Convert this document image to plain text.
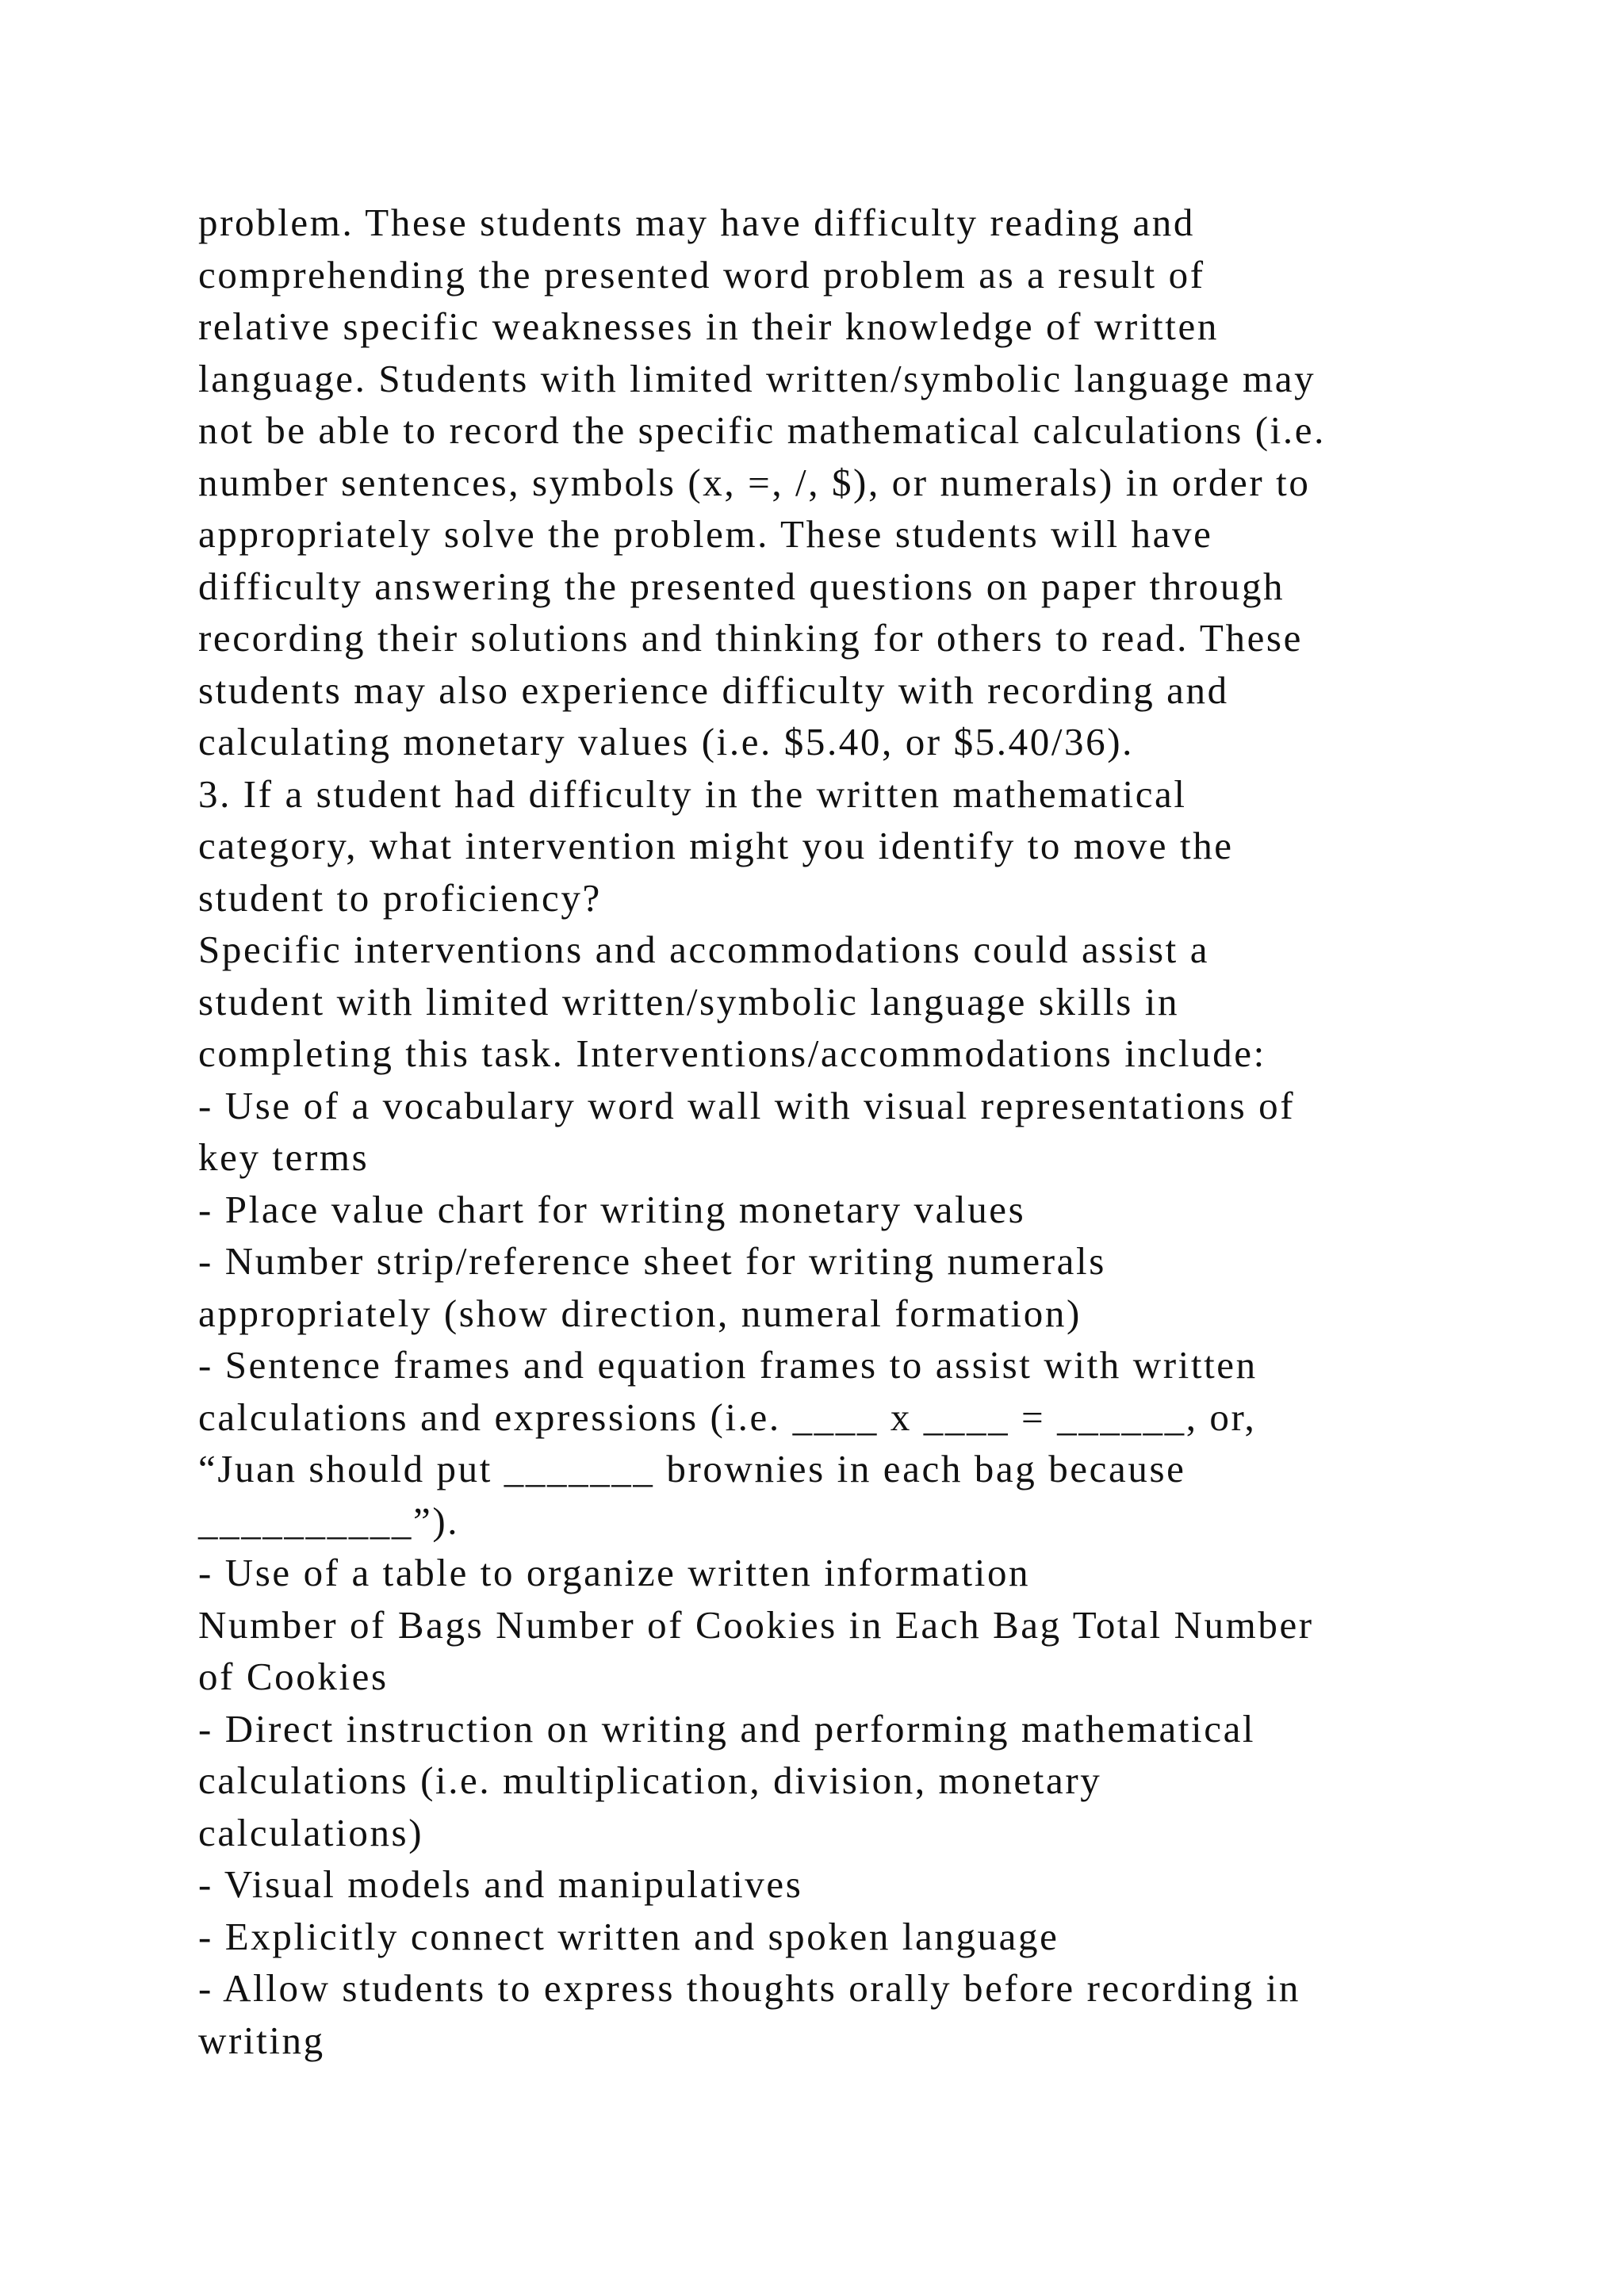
problem. These students may have difficulty reading and
comprehending the presented word problem as a result of
relative specific weaknesses in their knowledge of written
language. Students with limited written/symbolic language may
not be able to record the specific mathematical calculations (i.e.
number sentences, symbols (x, =, /, $), or numerals) in order to
appropriately solve the problem. These students will have
difficulty answering the presented questions on paper through
recording their solutions and thinking for others to read. These
students may also experience difficulty with recording and
calculating monetary values (i.e. $5.40, or $5.40/36).
3. If a student had difficulty in the written mathematical
category, what intervention might you identify to move the
student to proficiency?
Specific interventions and accommodations could assist a
student with limited written/symbolic language skills in
completing this task. Interventions/accommodations include:
- Use of a vocabulary word wall with visual representations of
key terms
- Place value chart for writing monetary values
- Number strip/reference sheet for writing numerals
appropriately (show direction, numeral formation)
- Sentence frames and equation frames to assist with written
calculations and expressions (i.e. ____ x ____ = ______, or,
“Juan should put _______ brownies in each bag because
__________”).
- Use of a table to organize written information
Number of Bags Number of Cookies in Each Bag Total Number
of Cookies
- Direct instruction on writing and performing mathematical
calculations (i.e. multiplication, division, monetary
calculations)
- Visual models and manipulatives
- Explicitly connect written and spoken language
- Allow students to express thoughts orally before recording in
writing
